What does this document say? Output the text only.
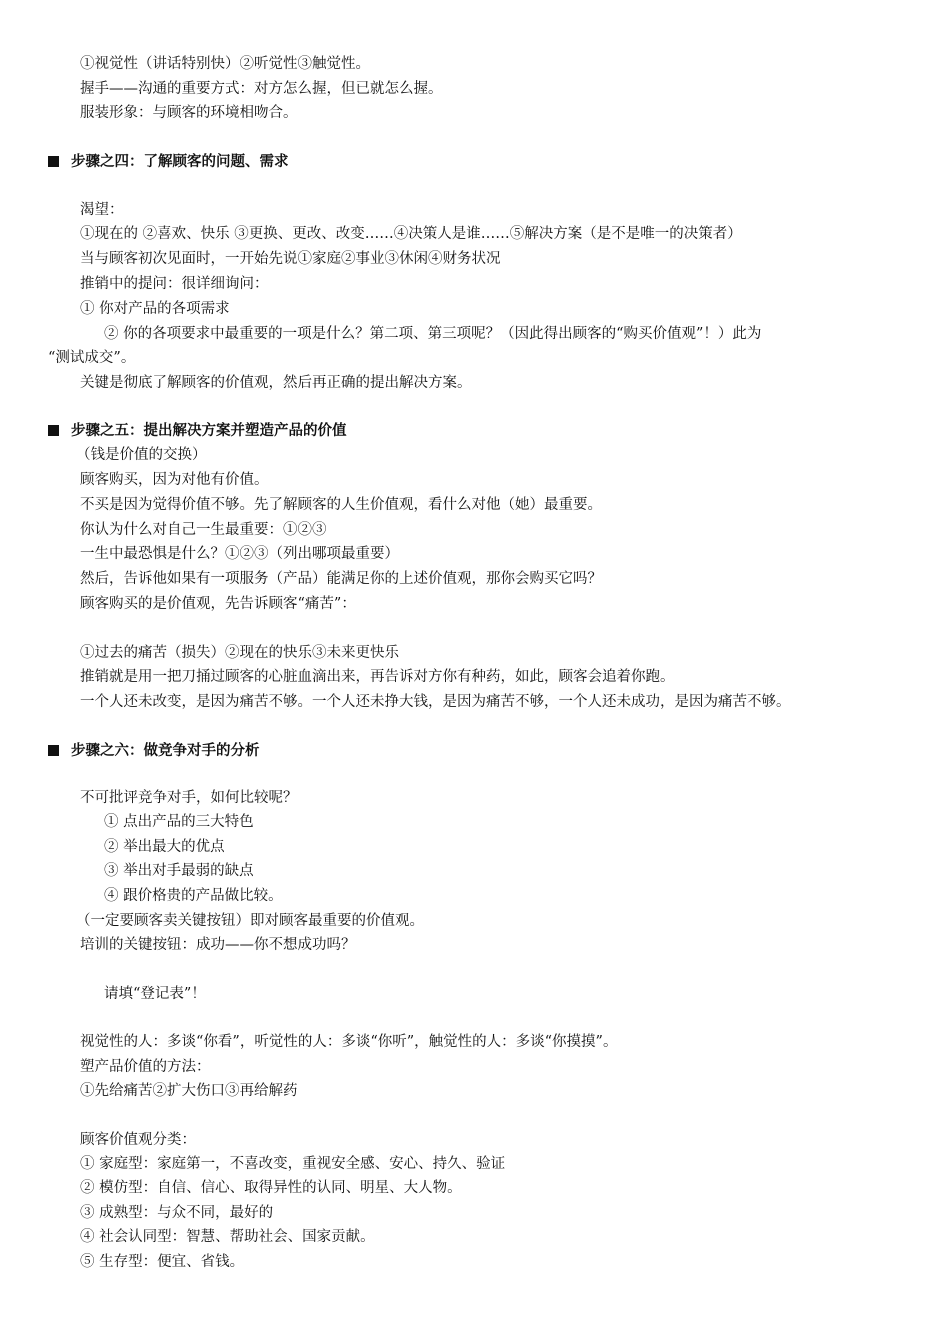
①视觉性（讲话特别快）②听觉性③触觉性。
握手——沟通的重要方式：对方怎么握，但已就怎么握。
服装形象：与顾客的环境相吻合。
步骤之四：了解顾客的问题、需求
渴望：
①现在的 ②喜欢、快乐 ③更换、更改、改变……④决策人是谁……⑤解决方案（是不是唯一的决策者）
当与顾客初次见面时，一开始先说①家庭②事业③休闲④财务状况
推销中的提问：很详细询问：
① 你对产品的各项需求
② 你的各项要求中最重要的一项是什么？第二项、第三项呢？（因此得出顾客的“购买价值观”！）此为
“测试成交”。
关键是彻底了解顾客的价值观，然后再正确的提出解决方案。
步骤之五：提出解决方案并塑造产品的价值
（钱是价值的交换）
顾客购买，因为对他有价值。
不买是因为觉得价值不够。先了解顾客的人生价值观，看什么对他（她）最重要。
你认为什么对自己一生最重要：①②③
一生中最恐惧是什么？①②③（列出哪项最重要）
然后，告诉他如果有一项服务（产品）能满足你的上述价值观，那你会购买它吗？
顾客购买的是价值观，先告诉顾客“痛苦”：
①过去的痛苦（损失）②现在的快乐③未来更快乐
推销就是用一把刀捅过顾客的心脏血滴出来，再告诉对方你有种药，如此，顾客会追着你跑。
一个人还未改变，是因为痛苦不够。一个人还未挣大钱，是因为痛苦不够，一个人还未成功，是因为痛苦不够。
步骤之六：做竞争对手的分析
不可批评竞争对手，如何比较呢？
① 点出产品的三大特色
② 举出最大的优点
③ 举出对手最弱的缺点
④ 跟价格贵的产品做比较。
（一定要顾客卖关键按钮）即对顾客最重要的价值观。
培训的关键按钮：成功——你不想成功吗？
请填“登记表”！
视觉性的人：多谈“你看”，听觉性的人：多谈“你听”，触觉性的人：多谈“你摸摸”。
塑产品价值的方法：
①先给痛苦②扩大伤口③再给解药
顾客价值观分类：
① 家庭型：家庭第一，不喜改变，重视安全感、安心、持久、验证
② 模仿型：自信、信心、取得异性的认同、明星、大人物。
③ 成熟型：与众不同，最好的
④ 社会认同型：智慧、帮助社会、国家贡献。
⑤ 生存型：便宜、省钱。
